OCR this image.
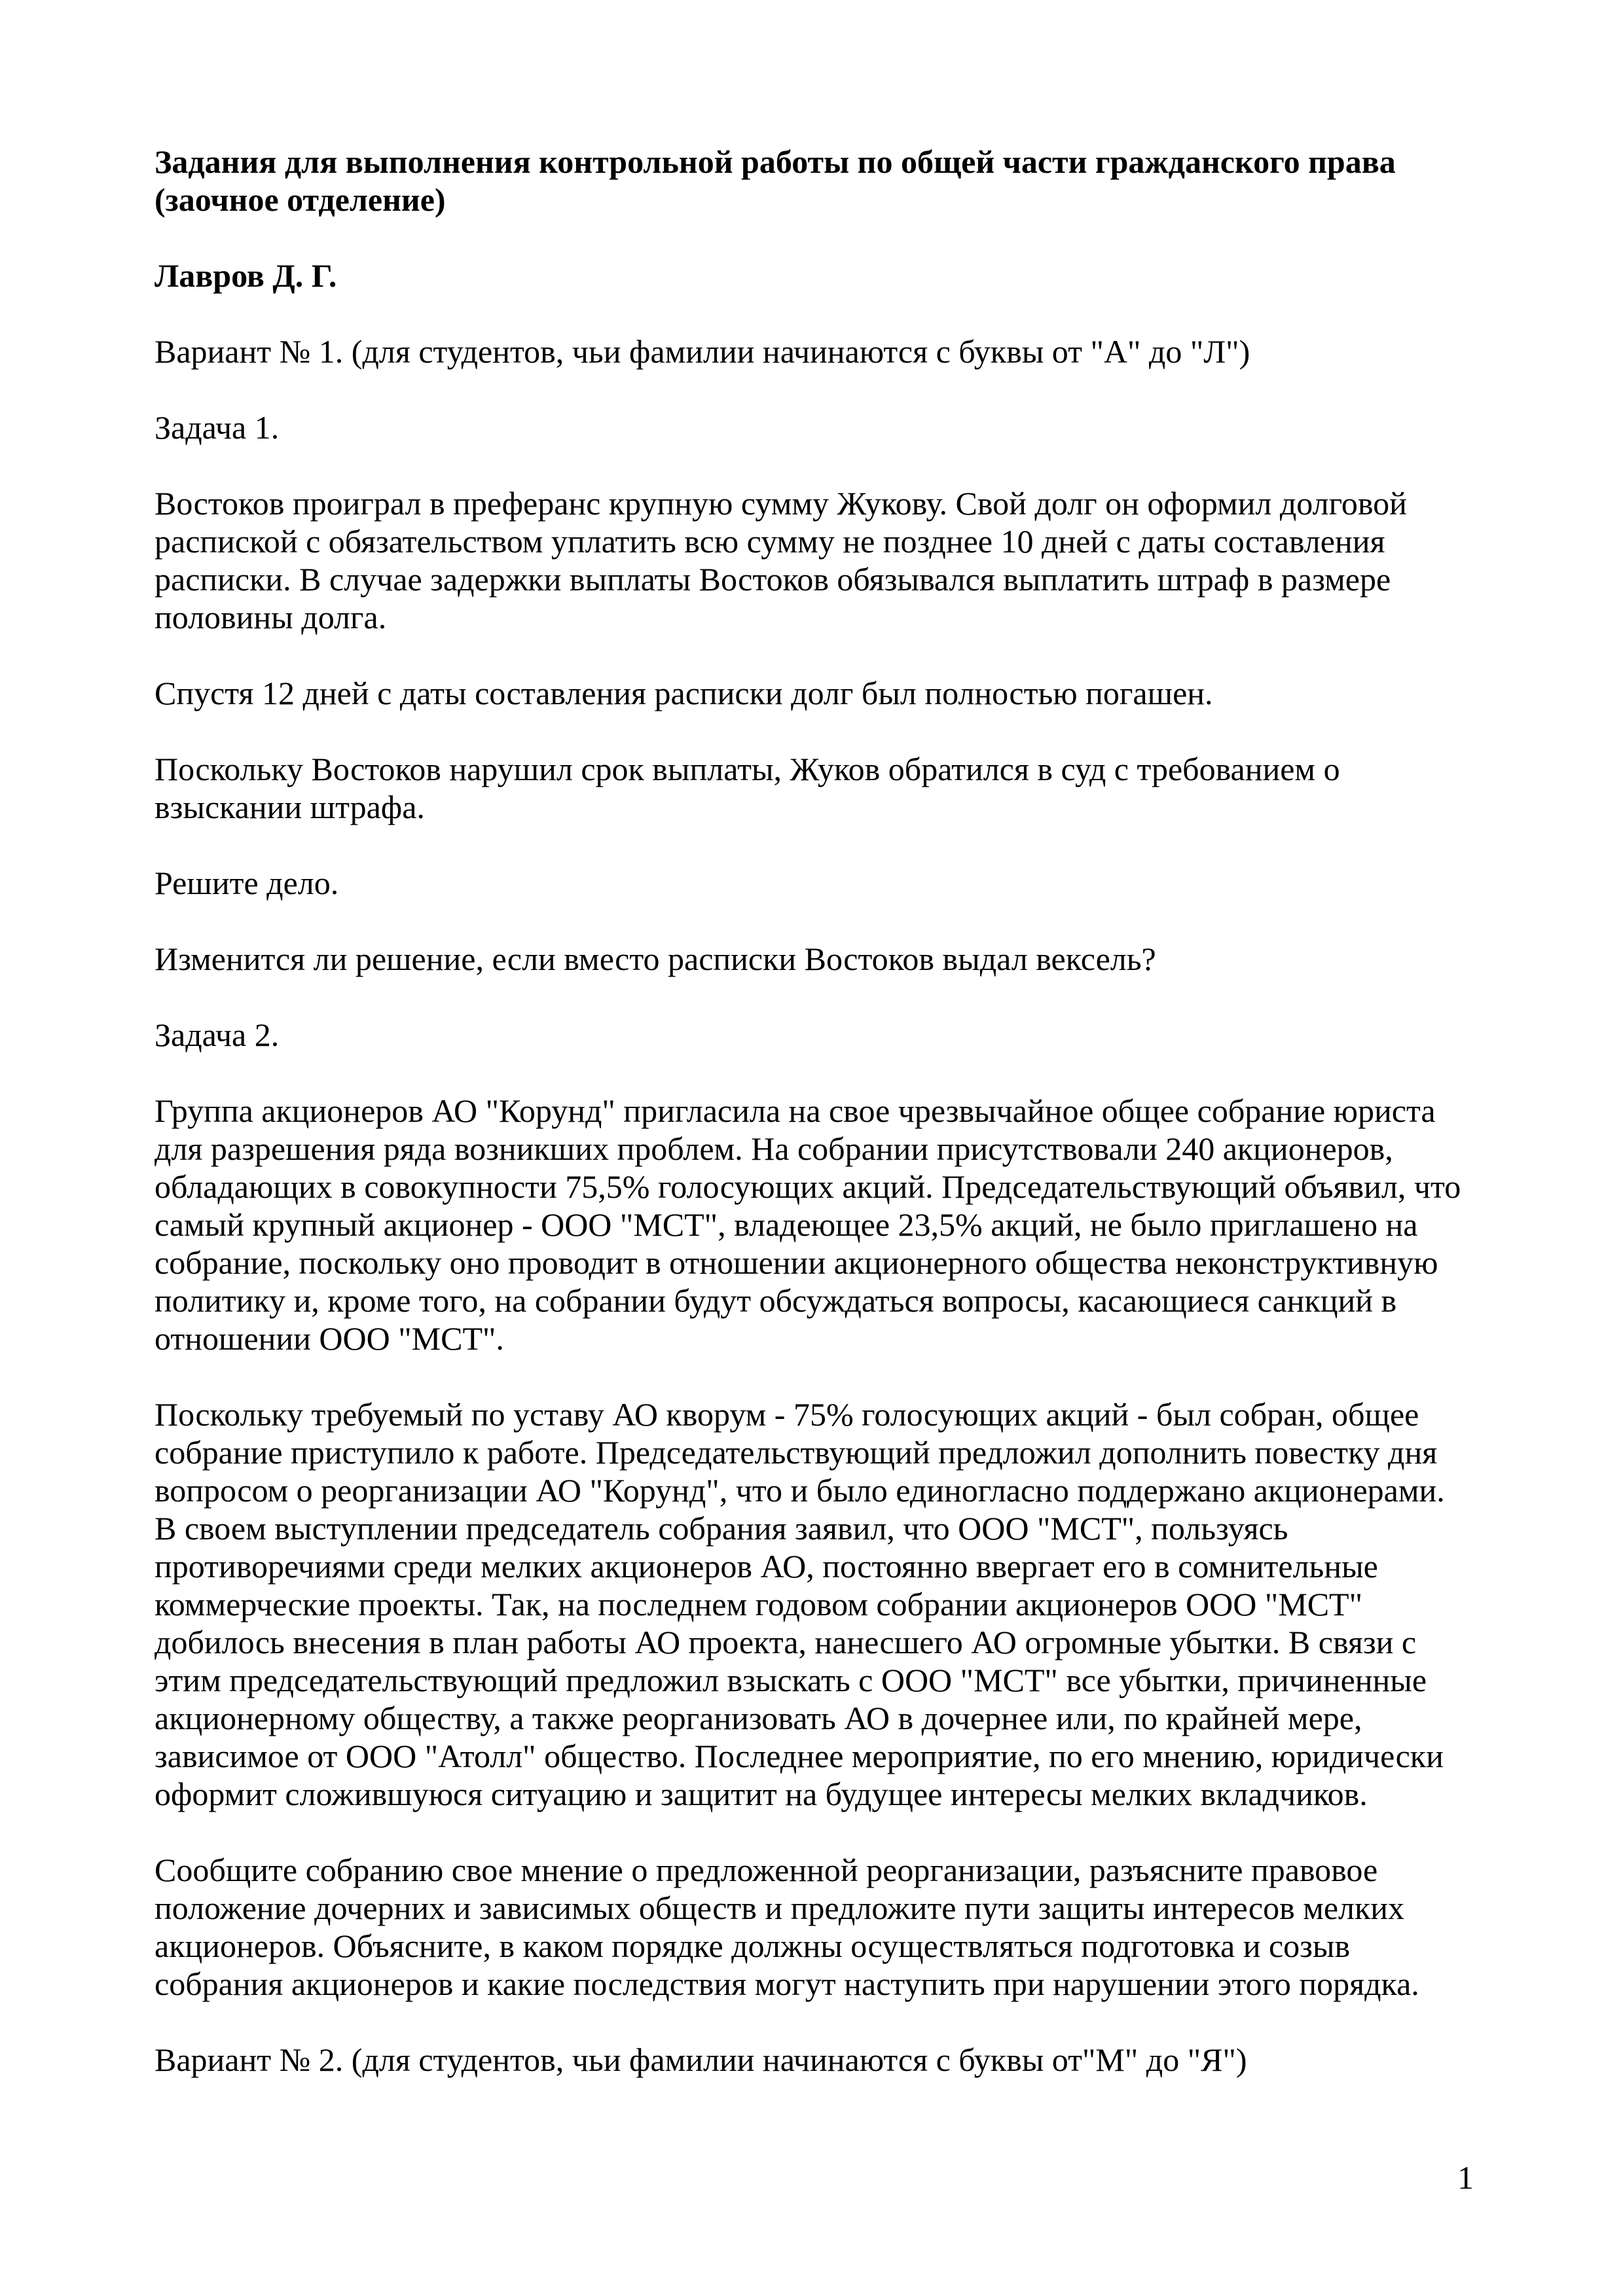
Задания для выполнения контрольной работы по общей части гражданского права
(заочное отделение)

Лавров Д. Г.

Вариант № 1. (для студентов, чьи фамилии начинаются с буквы от "А" до "Л")

Задача 1.

Востоков проиграл в преферанс крупную сумму Жукову. Свой долг он оформил долговой
распиской с обязательством уплатить всю сумму не позднее 10 дней с даты составления
расписки. В случае задержки выплаты Востоков обязывался выплатить штраф в размере
половины долга.

Спустя 12 дней с даты составления расписки долг был полностью погашен.

Поскольку Востоков нарушил срок выплаты, Жуков обратился в суд с требованием о
взыскании штрафа.

Решите дело.

Изменится ли решение, если вместо расписки Востоков выдал вексель?

Задача 2.

Группа акционеров АО "Корунд" пригласила на свое чрезвычайное общее собрание юриста
для разрешения ряда возникших проблем. На собрании присутствовали 240 акционеров,
обладающих в совокупности 75,5% голосующих акций. Председательствующий объявил, что
самый крупный акционер - ООО "МСТ", владеющее 23,5% акций, не было приглашено на
собрание, поскольку оно проводит в отношении акционерного общества неконструктивную
политику и, кроме того, на собрании будут обсуждаться вопросы, касающиеся санкций в
отношении ООО "МСТ".

Поскольку требуемый по уставу АО кворум - 75% голосующих акций - был собран, общее
собрание приступило к работе. Председательствующий предложил дополнить повестку дня
вопросом о реорганизации АО "Корунд", что и было единогласно поддержано акционерами.
В своем выступлении председатель собрания заявил, что ООО "МСТ", пользуясь
противоречиями среди мелких акционеров АО, постоянно ввергает его в сомнительные
коммерческие проекты. Так, на последнем годовом собрании акционеров ООО "МСТ"
добилось внесения в план работы АО проекта, нанесшего АО огромные убытки. В связи с
этим председательствующий предложил взыскать с ООО "МСТ" все убытки, причиненные
акционерному обществу, а также реорганизовать АО в дочернее или, по крайней мере,
зависимое от ООО "Атолл" общество. Последнее мероприятие, по его мнению, юридически
оформит сложившуюся ситуацию и защитит на будущее интересы мелких вкладчиков.

Сообщите собранию свое мнение о предложенной реорганизации, разъясните правовое
положение дочерних и зависимых обществ и предложите пути защиты интересов мелких
акционеров. Объясните, в каком порядке должны осуществляться подготовка и созыв
собрания акционеров и какие последствия могут наступить при нарушении этого порядка.

Вариант № 2. (для студентов, чьи фамилии начинаются с буквы от"М" до "Я")

1
